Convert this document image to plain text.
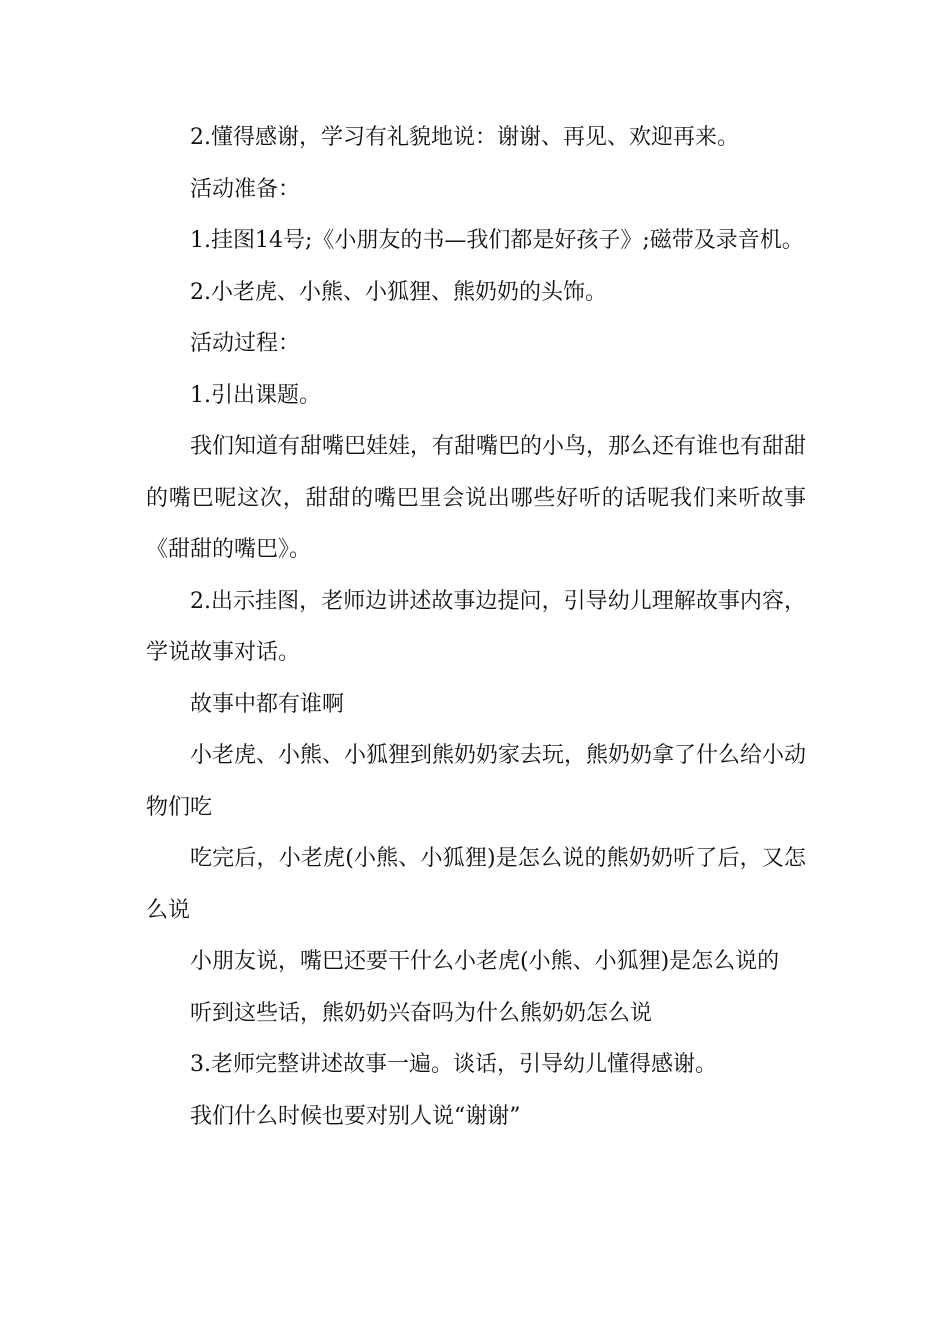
2.懂得感谢，学习有礼貌地说：谢谢、再见、欢迎再来。

活动准备：

1.挂图14号;《小朋友的书—我们都是好孩子》;磁带及录音机。

2.小老虎、小熊、小狐狸、熊奶奶的头饰。

活动过程：

1.引出课题。

我们知道有甜嘴巴娃娃，有甜嘴巴的小鸟，那么还有谁也有甜甜的嘴巴呢这次，甜甜的嘴巴里会说出哪些好听的话呢我们来听故事《甜甜的嘴巴》。

2.出示挂图，老师边讲述故事边提问，引导幼儿理解故事内容，学说故事对话。

故事中都有谁啊

小老虎、小熊、小狐狸到熊奶奶家去玩，熊奶奶拿了什么给小动物们吃

吃完后，小老虎(小熊、小狐狸)是怎么说的熊奶奶听了后，又怎么说

小朋友说，嘴巴还要干什么小老虎(小熊、小狐狸)是怎么说的

听到这些话，熊奶奶兴奋吗为什么熊奶奶怎么说

3.老师完整讲述故事一遍。谈话，引导幼儿懂得感谢。

我们什么时候也要对别人说“谢谢”
